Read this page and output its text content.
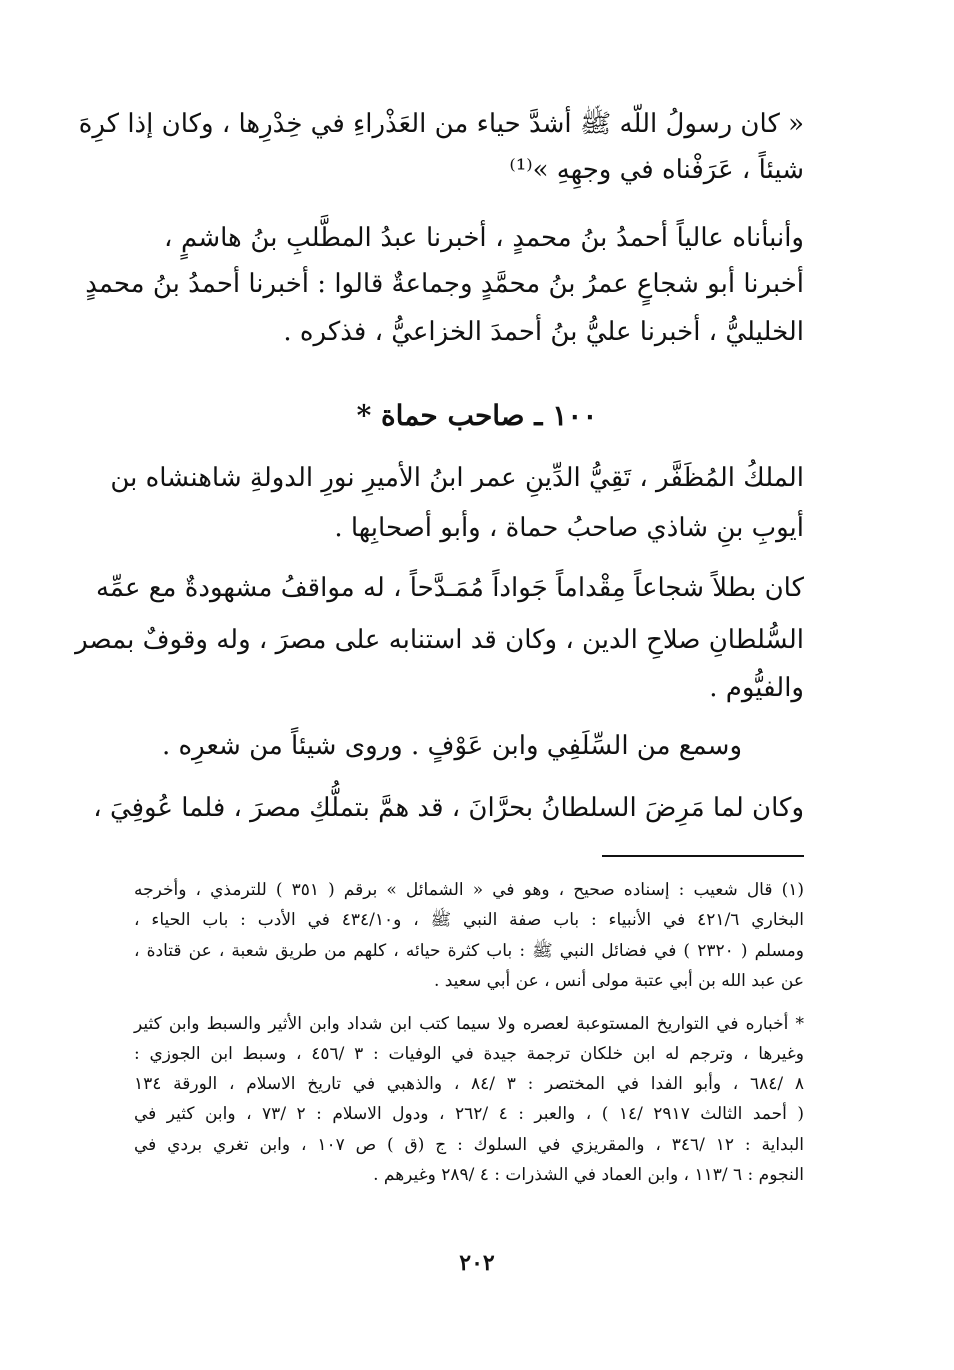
« كان رسولُ اللّه ﷺ أشدَّ حياء من العَذْراءِ في خِدْرِها ، وكان إذا كرِهَ
شيئاً ، عَرَفْناه في وجهِهِ »⁽¹⁾
وأنبأناه عالياً أحمدُ بنُ محمدٍ ، أخبرنا عبدُ المطَّلبِ بنُ هاشمٍ ،
أخبرنا أبو شجاعٍ عمرُ بنُ محمَّدٍ وجماعةٌ قالوا : أخبرنا أحمدُ بنُ محمدٍ
الخليليُّ ، أخبرنا عليُّ بنُ أحمدَ الخزاعيُّ ، فذكره .
١٠٠ ـ صاحب حماة *
الملكُ المُظَفَّر ، تَقِيُّ الدِّينِ عمر ابنُ الأميرِ نورِ الدولةِ شاهنشاه بن
أيوبِ بنِ شاذي صاحبُ حماة ، وأبو أصحابِها .
كان بطلاً شجاعاً مِقْداماً جَواداً مُمَـدَّحاً ، له مواقفُ مشهودةٌ مع عمِّه
السُّلطانِ صلاحِ الدين ، وكان قد استنابه على مصرَ ، وله وقوفٌ بمصر
والفيُّوم .
وسمع من السِّلَفِي وابن عَوْفٍ . وروى شيئاً من شعرِه .
وكان لما مَرِضَ السلطانُ بحرَّانَ ، قد همَّ بتملُّكِ مصرَ ، فلما عُوفِيَ ،
(١) قال شعيب : إسناده صحيح ، وهو في « الشمائل » برقم ( ٣٥١ ) للترمذي ، وأخرجه
البخاري ٤٢١/٦ في الأنبياء : باب صفة النبي ﷺ ، و٤٣٤/١٠ في الأدب : باب الحياء ،
ومسلم ( ٢٣٢٠ ) في فضائل النبي ﷺ : باب كثرة حيائه ، كلهم من طريق شعبة ، عن قتادة ،
عن عبد الله بن أبي عتبة مولى أنس ، عن أبي سعيد .
* أخباره في التواريخ المستوعبة لعصره ولا سيما كتب ابن شداد وابن الأثير والسبط وابن كثير
وغيرها ، وترجم له ابن خلكان ترجمة جيدة في الوفيات : ٣ /٤٥٦ ، وسبط ابن الجوزي :
٨ /٦٨٤ ، وأبو الفدا في المختصر : ٣ /٨٤ ، والذهبي في تاريخ الاسلام ، الورقة ١٣٤
( أحمد الثالث ٢٩١٧ /١٤ ) ، والعبر : ٤ /٢٦٢ ، ودول الاسلام : ٢ /٧٣ ، وابن كثير في
البداية : ١٢ /٣٤٦ ، والمقريزي في السلوك : ج (ق ) ص ١٠٧ ، وابن تغري بردي في
النجوم : ٦ /١١٣ ، وابن العماد في الشذرات : ٤ /٢٨٩ وغيرهم .
٢٠٢
